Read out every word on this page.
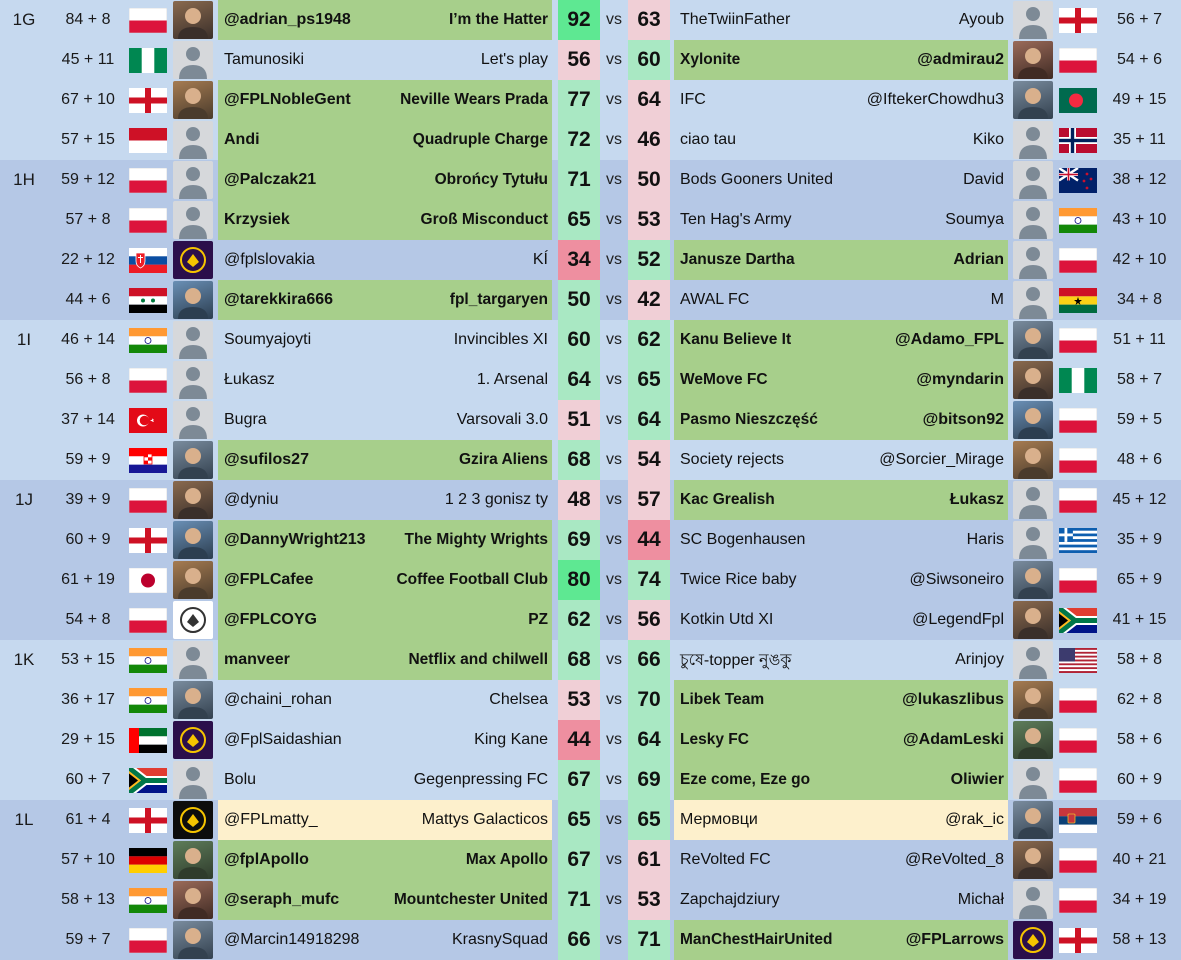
1G 84 + 8	@adrian_ps1948	I’m the Hatter 92 vs 63 TheTwiinFather	Ayoub	56 + 7
45 + 11	Tamunosiki	Let's play 56 vs 60 Xylonite	@admirau2	54 + 6
67 + 10	@FPLNobleGent	Neville Wears Prada 77 vs 64 IFC	@IftekerChowdhu3	49 + 15
57 + 15	Andi	Quadruple Charge 72 vs 46 ciao tau	Kiko	35 + 11
1H 59 + 12	@Palczak21	Obrońcy Tytułu 71 vs 50 Bods Gooners United	David	38 + 12
57 + 8	Krzysiek	Groß Misconduct 65 vs 53 Ten Hag's Army	Soumya	43 + 10
22 + 12	@fplslovakia	KÍ 34 vs 52 Janusze Dartha	Adrian	42 + 10
44 + 6	@tarekkira666	fpl_targaryen 50 vs 42 AWAL FC	M	34 + 8
1I 46 + 14	Soumyajoyti	Invincibles XI 60 vs 62 Kanu Believe It	@Adamo_FPL	51 + 11
56 + 8	Łukasz	1. Arsenal 64 vs 65 WeMove FC	@myndarin	58 + 7
37 + 14	Bugra	Varsovali 3.0 51 vs 64 Pasmo Nieszczęść	@bitson92	59 + 5
59 + 9	@sufilos27	Gzira Aliens 68 vs 54 Society rejects	@Sorcier_Mirage	48 + 6
1J 39 + 9	@dyniu	1 2 3 gonisz ty 48 vs 57 Kac Grealish	Łukasz	45 + 12
60 + 9	@DannyWright213	The Mighty Wrights 69 vs 44 SC Bogenhausen	Haris	35 + 9
61 + 19	@FPLCafee	Coffee Football Club 80 vs 74 Twice Rice baby	@Siwsoneiro	65 + 9
54 + 8	@FPLCOYG	PZ 62 vs 56 Kotkin Utd XI	@LegendFpl	41 + 15
1K 53 + 15	manveer	Netflix and chilwell 68 vs 66 চুষে-topper নুঙকু	Arinjoy	58 + 8
36 + 17	@chaini_rohan	Chelsea 53 vs 70 Libek Team	@lukaszlibus	62 + 8
29 + 15	@FplSaidashian	King Kane 44 vs 64 Lesky FC	@AdamLeski	58 + 6
60 + 7	Bolu	Gegenpressing FC 67 vs 69 Eze come, Eze go	Oliwier	60 + 9
1L 61 + 4	@FPLmatty_	Mattys Galacticos 65 vs 65 Мермовци	@rak_ic	59 + 6
57 + 10	@fplApollo	Max Apollo 67 vs 61 ReVolted FC	@ReVolted_8	40 + 21
58 + 13	@seraph_mufc	Mountchester United 71 vs 53 Zapchajdziury	Michał	34 + 19
59 + 7	@Marcin14918298	KrasnySquad 66 vs 71 ManChestHairUnited	@FPLarrows	58 + 13
